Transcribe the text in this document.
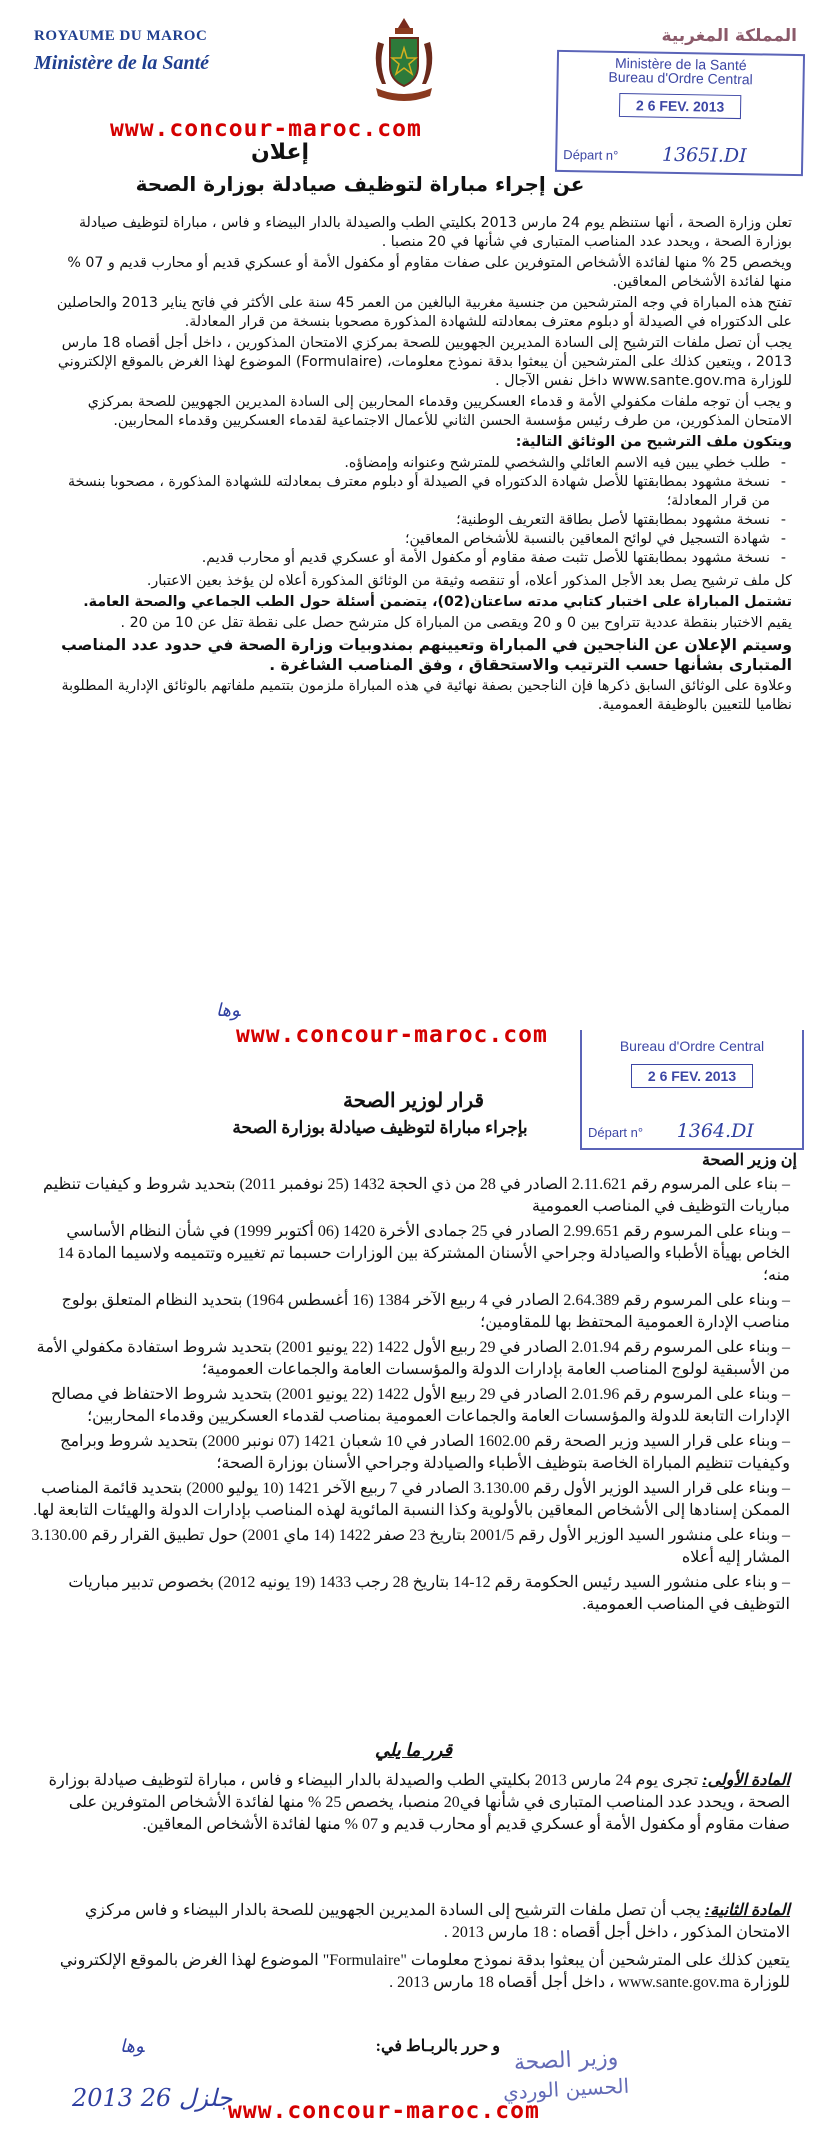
ROYAUME DU MAROC
Ministère de la Santé
المملكة المغربية
Ministère de la Santé
Bureau d'Ordre Central
2 6 FEV. 2013
Départ n° 1365I.DI
www.concour-maroc.com
إعلان
عن إجراء مباراة لتوظيف صيادلة بوزارة الصحة

تعلن وزارة الصحة ، أنها ستنظم يوم 24 مارس 2013 بكليتي الطب والصيدلة بالدار البيضاء و فاس ، مباراة لتوظيف صيادلة بوزارة الصحة ، ويحدد عدد المناصب المتبارى في شأنها في 20 منصبا .

ويخصص 25 % منها لفائدة الأشخاص المتوفرين على صفات مقاوم أو مكفول الأمة أو عسكري قديم أو محارب قديم و 07 % منها لفائدة الأشخاص المعاقين.

تفتح هذه المباراة في وجه المترشحين من جنسية مغربية البالغين من العمر 45 سنة على الأكثر في فاتح يناير 2013 والحاصلين على الدكتوراه في الصيدلة أو دبلوم معترف بمعادلته للشهادة المذكورة مصحوبا بنسخة من قرار المعادلة.

يجب أن تصل ملفات الترشيح إلى السادة المديرين الجهويين للصحة بمركزي الامتحان المذكورين ، داخل أجل أقصاه 18 مارس 2013 ، ويتعين كذلك على المترشحين أن يبعثوا بدقة نموذج معلومات، (Formulaire) الموضوع لهذا الغرض بالموقع الإلكتروني للوزارة www.sante.gov.ma داخل نفس الآجال .

و يجب أن توجه ملفات مكفولي الأمة و قدماء العسكريين وقدماء المحاربين إلى السادة المديرين الجهويين للصحة بمركزي الامتحان المذكورين، من طرف رئيس مؤسسة الحسن الثاني للأعمال الاجتماعية لقدماء العسكريين وقدماء المحاربين.

ويتكون ملف الترشيح من الوثائق التالية:

- طلب خطي يبين فيه الاسم العائلي والشخصي للمترشح وعنوانه وإمضاؤه.
- نسخة مشهود بمطابقتها للأصل شهادة الدكتوراه في الصيدلة أو دبلوم معترف بمعادلته للشهادة المذكورة ، مصحوبا بنسخة من قرار المعادلة؛
- نسخة مشهود بمطابقتها لأصل بطاقة التعريف الوطنية؛
- شهادة التسجيل في لوائح المعاقين بالنسبة للأشخاص المعاقين؛
- نسخة مشهود بمطابقتها للأصل تثبت صفة مقاوم أو مكفول الأمة أو عسكري قديم أو محارب قديم.

كل ملف ترشيح يصل بعد الأجل المذكور أعلاه، أو تنقصه وثيقة من الوثائق المذكورة أعلاه لن يؤخذ بعين الاعتبار.

تشتمل المباراة على اختبار كتابي مدته ساعتان(02)، يتضمن أسئلة حول الطب الجماعي والصحة العامة.

يقيم الاختبار بنقطة عددية تتراوح بين 0 و 20 ويقصى من المباراة كل مترشح حصل على نقطة تقل عن 10 من 20 .

وسيتم الإعلان عن الناجحين في المباراة وتعيينهم بمندوبيات وزارة الصحة في حدود عدد المناصب المتبارى بشأنها حسب الترتيب والاستحقاق ، وفق المناصب الشاغرة .

وعلاوة على الوثائق السابق ذكرها فإن الناجحين بصفة نهائية في هذه المباراة ملزمون بتتميم ملفاتهم بالوثائق الإدارية المطلوبة نظاميا للتعيين بالوظيفة العمومية.

ﻮﻫﺎ
Bureau d'Ordre Central
2 6 FEV. 2013
Départ n° 1364.DI
www.concour-maroc.com
قرار لوزير الصحة
بإجراء مباراة لتوظيف صيادلة بوزارة الصحة
إن وزير الصحة

– بناء على المرسوم رقم 2.11.621 الصادر في 28 من ذي الحجة 1432 (25 نوفمبر 2011) بتحديد شروط و كيفيات تنظيم مباريات التوظيف في المناصب العمومية

– وبناء على المرسوم رقم 2.99.651 الصادر في 25 جمادى الأخرة 1420 (06 أكتوبر 1999) في شأن النظام الأساسي الخاص بهيأة الأطباء والصيادلة وجراحي الأسنان المشتركة بين الوزارات حسبما تم تغييره وتتميمه ولاسيما المادة 14 منه؛

– وبناء على المرسوم رقم 2.64.389 الصادر في 4 ربيع الآخر 1384 (16 أغسطس 1964) بتحديد النظام المتعلق بولوج مناصب الإدارة العمومية المحتفظ بها للمقاومين؛

– وبناء على المرسوم رقم 2.01.94 الصادر في 29 ربيع الأول 1422 (22 يونيو 2001) بتحديد شروط استفادة مكفولي الأمة من الأسبقية لولوج المناصب العامة بإدارات الدولة والمؤسسات العامة والجماعات العمومية؛

– وبناء على المرسوم رقم 2.01.96 الصادر في 29 ربيع الأول 1422 (22 يونيو 2001) بتحديد شروط الاحتفاظ في مصالح الإدارات التابعة للدولة والمؤسسات العامة والجماعات العمومية بمناصب لقدماء العسكريين وقدماء المحاربين؛

– وبناء على قرار السيد وزير الصحة رقم 1602.00 الصادر في 10 شعبان 1421 (07 نونبر 2000) بتحديد شروط وبرامج وكيفيات تنظيم المباراة الخاصة بتوظيف الأطباء والصيادلة وجراحي الأسنان بوزارة الصحة؛

– وبناء على قرار السيد الوزير الأول رقم 3.130.00 الصادر في 7 ربيع الآخر 1421 (10 يوليو 2000) بتحديد قائمة المناصب الممكن إسنادها إلى الأشخاص المعاقين بالأولوية وكذا النسبة المائوية لهذه المناصب بإدارات الدولة والهيئات التابعة لها.

– وبناء على منشور السيد الوزير الأول رقم 2001/5 بتاريخ 23 صفر 1422 (14 ماي 2001) حول تطبيق القرار رقم 3.130.00 المشار إليه أعلاه

– و بناء على منشور السيد رئيس الحكومة رقم 12-14 بتاريخ 28 رجب 1433 (19 يونيه 2012) بخصوص تدبير مباريات التوظيف في المناصب العمومية.

قرر ما يلي

المادة الأولى: تجرى يوم 24 مارس 2013 بكليتي الطب والصيدلة بالدار البيضاء و فاس ، مباراة لتوظيف صيادلة بوزارة الصحة ، ويحدد عدد المناصب المتبارى في شأنها في20 منصبا، يخصص 25 % منها لفائدة الأشخاص المتوفرين على صفات مقاوم أو مكفول الأمة أو عسكري قديم أو محارب قديم و 07 % منها لفائدة الأشخاص المعاقين.

المادة الثانية: يجب أن تصل ملفات الترشيح إلى السادة المديرين الجهويين للصحة بالدار البيضاء و فاس مركزي الامتحان المذكور ، داخل أجل أقصاه : 18 مارس 2013 .

يتعين كذلك على المترشحين أن يبعثوا بدقة نموذج معلومات "Formulaire" الموضوع لهذا الغرض بالموقع الإلكتروني للوزارة www.sante.gov.ma ، داخل أجل أقصاه 18 مارس 2013 .

و حرر بالربـاط في:
ﻮﻫﺎ
2013 جلزل 26
وزير الصحة
الحسين الوردي
www.concour-maroc.com
